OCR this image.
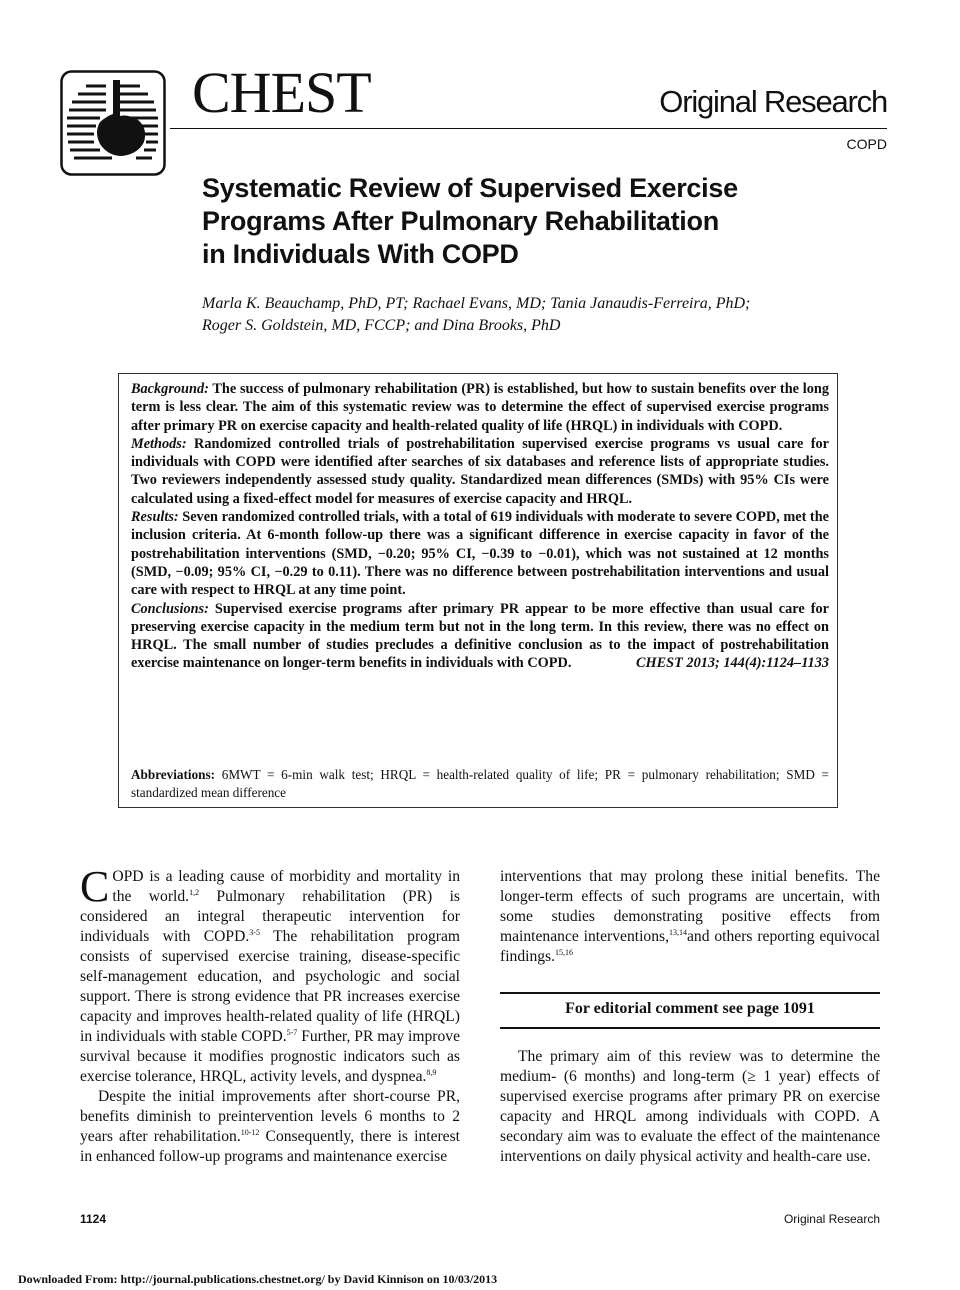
CHEST	Original Research
COPD
Systematic Review of Supervised Exercise
Programs After Pulmonary Rehabilitation
in Individuals With COPD
Marla K. Beauchamp, PhD, PT; Rachael Evans, MD; Tania Janaudis-Ferreira, PhD;
Roger S. Goldstein, MD, FCCP; and Dina Brooks, PhD

Background: The success of pulmonary rehabilitation (PR) is established, but how to sustain benefits over the long term is less clear. The aim of this systematic review was to determine the effect of supervised exercise programs after primary PR on exercise capacity and health-related quality of life (HRQL) in individuals with COPD.

Methods: Randomized controlled trials of postrehabilitation supervised exercise programs vs usual care for individuals with COPD were identified after searches of six databases and reference lists of appropriate studies. Two reviewers independently assessed study quality. Standardized mean differences (SMDs) with 95% CIs were calculated using a fixed-effect model for measures of exercise capacity and HRQL.

Results: Seven randomized controlled trials, with a total of 619 individuals with moderate to severe COPD, met the inclusion criteria. At 6-month follow-up there was a significant difference in exercise capacity in favor of the postrehabilitation interventions (SMD, −0.20; 95% CI, −0.39 to −0.01), which was not sustained at 12 months (SMD, −0.09; 95% CI, −0.29 to 0.11). There was no difference between postrehabilitation interventions and usual care with respect to HRQL at any time point.

Conclusions: Supervised exercise programs after primary PR appear to be more effective than usual care for preserving exercise capacity in the medium term but not in the long term. In this review, there was no effect on HRQL. The small number of studies precludes a definitive conclusion as to the impact of postrehabilitation exercise maintenance on longer-term benefits in individuals with COPD.	CHEST 2013; 144(4):1124–1133

Abbreviations: 6MWT = 6-min walk test; HRQL = health-related quality of life; PR = pulmonary rehabilitation; SMD = standardized mean difference

COPD is a leading cause of morbidity and mortality in the world.$^{1,2}$ Pulmonary rehabilitation (PR) is considered an integral therapeutic intervention for individuals with COPD.$^{3-5}$ The rehabilitation program consists of supervised exercise training, disease-specific self-management education, and psychologic and social support. There is strong evidence that PR increases exercise capacity and improves health-related quality of life (HRQL) in individuals with stable COPD.$^{5-7}$ Further, PR may improve survival because it modifies prognostic indicators such as exercise tolerance, HRQL, activity levels, and dyspnea.$^{8,9}$

Despite the initial improvements after short-course PR, benefits diminish to preintervention levels 6 months to 2 years after rehabilitation.$^{10-12}$ Consequently, there is interest in enhanced follow-up programs and maintenance exercise

For editorial comment see page 1091

The primary aim of this review was to determine the medium- (6 months) and long-term (≥ 1 year) effects of supervised exercise programs after primary PR on exercise capacity and HRQL among individuals with COPD. A secondary aim was to evaluate the effect of the maintenance interventions on daily physical activity and health-care use.

1124	Original Research
Downloaded From: http://journal.publications.chestnet.org/ by David Kinnison on 10/03/2013

interventions that may prolong these initial benefits. The longer-term effects of such programs are uncertain, with some studies demonstrating positive effects from maintenance interventions,$^{13,14}$and others reporting equivocal findings.$^{15,16}$
